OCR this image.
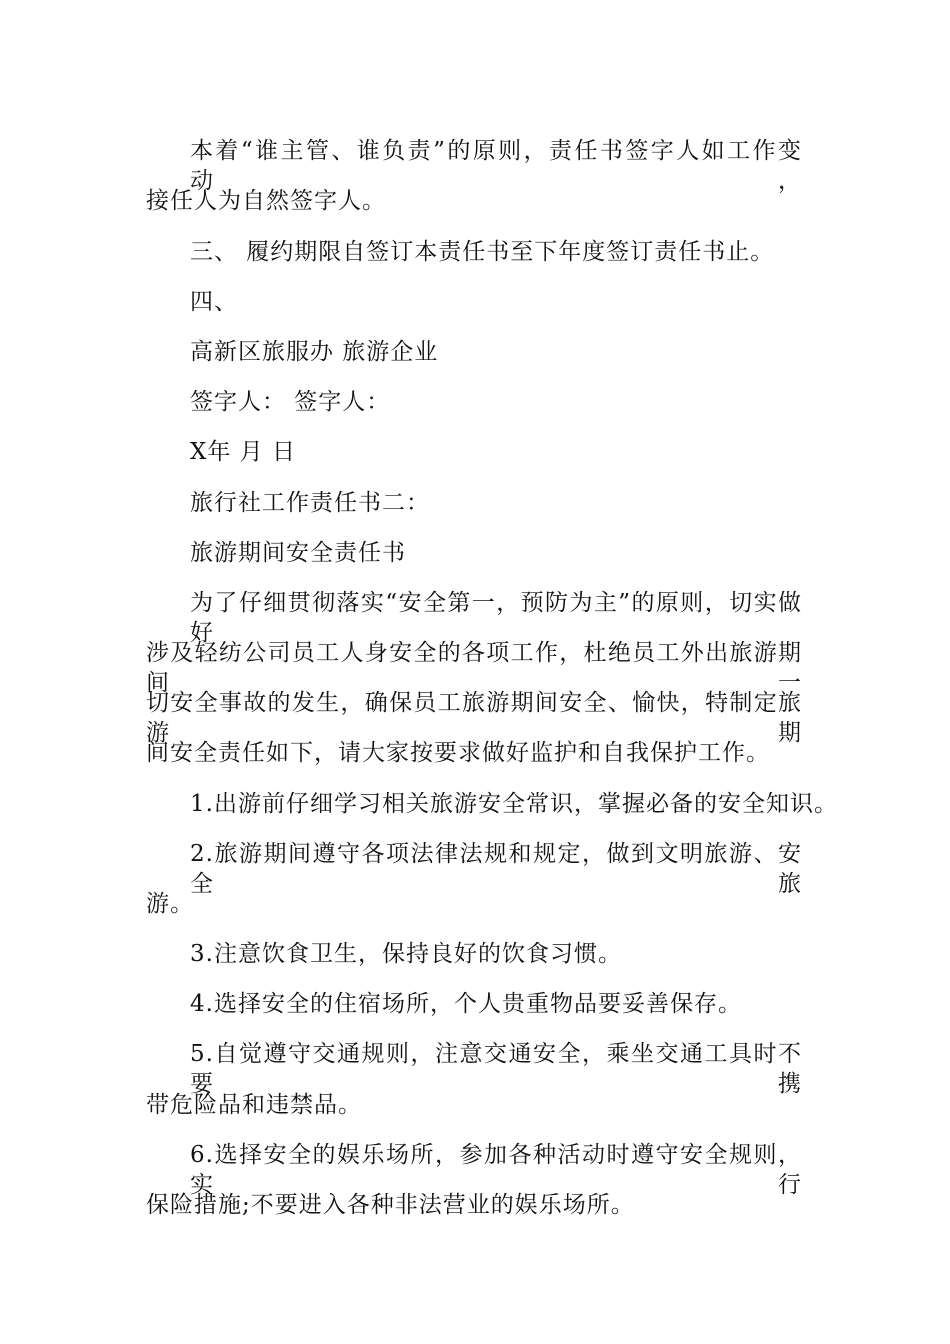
本着“谁主管、谁负责”的原则，责任书签字人如工作变动，
接任人为自然签字人。
三、 履约期限自签订本责任书至下年度签订责任书止。
四、
高新区旅服办 旅游企业
签字人： 签字人：
X年 月 日
旅行社工作责任书二：
旅游期间安全责任书
为了仔细贯彻落实“安全第一，预防为主”的原则，切实做好
涉及轻纺公司员工人身安全的各项工作，杜绝员工外出旅游期间一
切安全事故的发生，确保员工旅游期间安全、愉快，特制定旅游期
间安全责任如下，请大家按要求做好监护和自我保护工作。
1.出游前仔细学习相关旅游安全常识，掌握必备的安全知识。
2.旅游期间遵守各项法律法规和规定，做到文明旅游、安全旅
游。
3.注意饮食卫生，保持良好的饮食习惯。
4.选择安全的住宿场所，个人贵重物品要妥善保存。
5.自觉遵守交通规则，注意交通安全，乘坐交通工具时不要携
带危险品和违禁品。
6.选择安全的娱乐场所，参加各种活动时遵守安全规则，实行
保险措施;不要进入各种非法营业的娱乐场所。
